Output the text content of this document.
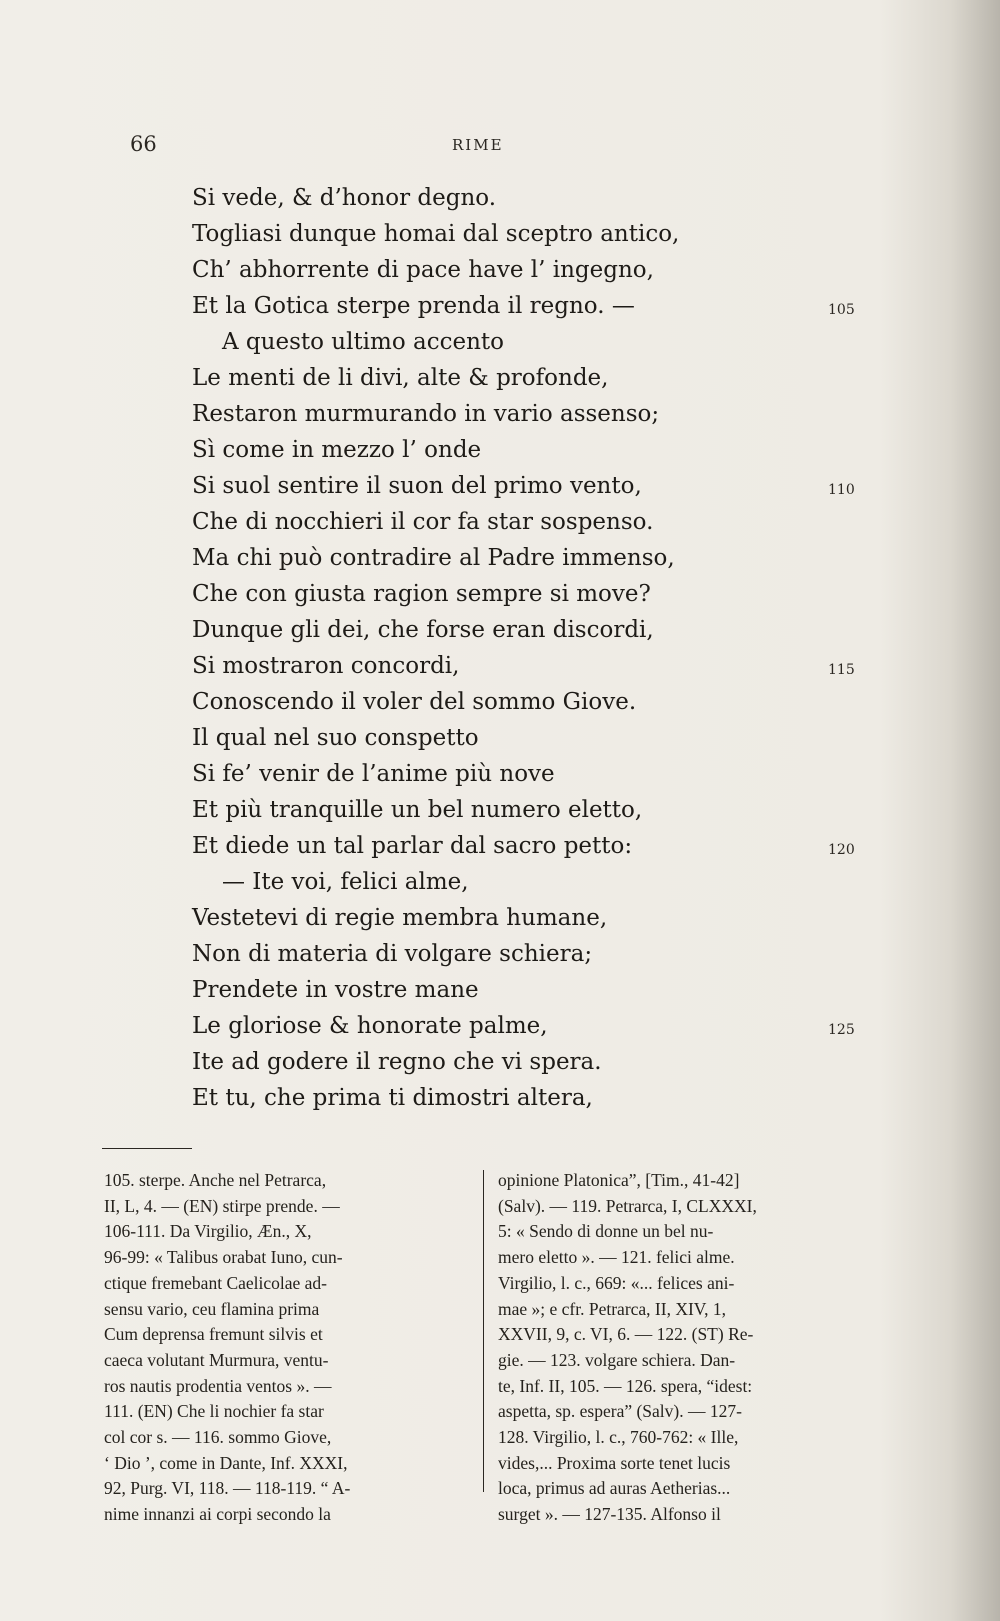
66	RIME
Si vede, & d’honor degno.
Togliasi dunque homai dal sceptro antico,
Ch’ abhorrente di pace have l’ ingegno,
Et la Gotica sterpe prenda il regno. —
A questo ultimo accento
Le menti de li divi, alte & profonde,
Restaron murmurando in vario assenso;
Sì come in mezzo l’ onde
Si suol sentire il suon del primo vento,
Che di nocchieri il cor fa star sospenso.
Ma chi può contradire al Padre immenso,
Che con giusta ragion sempre si move?
Dunque gli dei, che forse eran discordi,
Si mostraron concordi,
Conoscendo il voler del sommo Giove.
Il qual nel suo conspetto
Si fe’ venir de l’anime più nove
Et più tranquille un bel numero eletto,
Et diede un tal parlar dal sacro petto:
— Ite voi, felici alme,
Vestetevi di regie membra humane,
Non di materia di volgare schiera;
Prendete in vostre mane
Le gloriose & honorate palme,
Ite ad godere il regno che vi spera.
Et tu, che prima ti dimostri altera,
105
110
115
120
125
105. sterpe. Anche nel Petrarca,
II, L, 4. — (EN) stirpe prende. —
106-111. Da Virgilio, Æn., X,
96-99: « Talibus orabat Iuno, cun-
ctique fremebant Caelicolae ad-
sensu vario, ceu flamina prima
Cum deprensa fremunt silvis et
caeca volutant Murmura, ventu-
ros nautis prodentia ventos ». —
111. (EN) Che li nochier fa star
col cor s. — 116. sommo Giove,
‘ Dio ’, come in Dante, Inf. XXXI,
92, Purg. VI, 118. — 118-119. “ A-
nime innanzi ai corpi secondo la
opinione Platonica”, [Tim., 41-42]
(Salv). — 119. Petrarca, I, CLXXXI,
5: « Sendo di donne un bel nu-
mero eletto ». — 121. felici alme.
Virgilio, l. c., 669: «... felices ani-
mae »; e cfr. Petrarca, II, XIV, 1,
XXVII, 9, c. VI, 6. — 122. (ST) Re-
gie. — 123. volgare schiera. Dan-
te, Inf. II, 105. — 126. spera, “idest:
aspetta, sp. espera” (Salv). — 127-
128. Virgilio, l. c., 760-762: « Ille,
vides,... Proxima sorte tenet lucis
loca, primus ad auras Aetherias...
surget ». — 127-135. Alfonso il
